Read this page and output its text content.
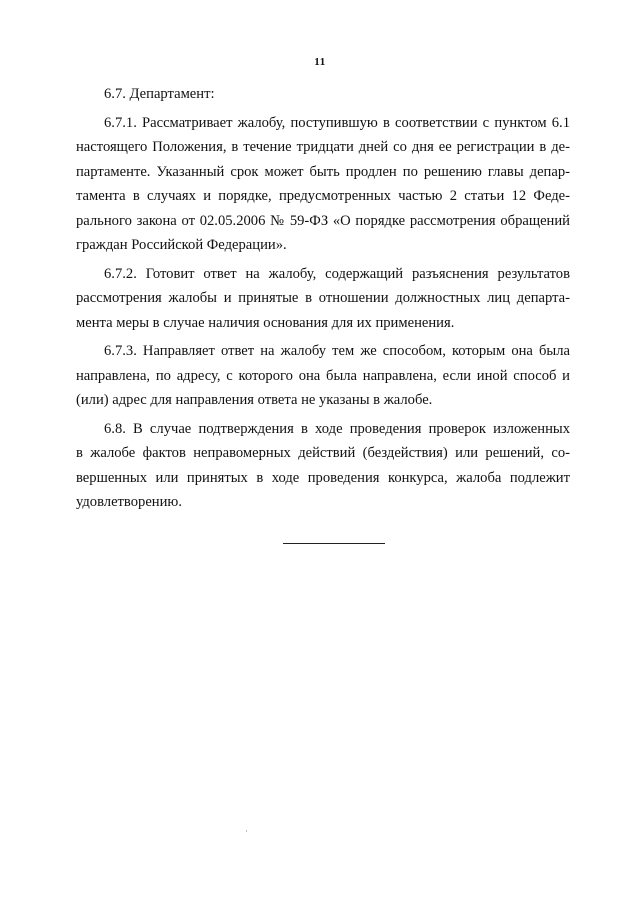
11

6.7. Департамент:

6.7.1. Рассматривает жалобу, поступившую в соответствии с пунктом 6.1
настоящего Положения, в течение тридцати дней со дня ее регистрации в де-
партаменте. Указанный срок может быть продлен по решению главы депар-
тамента в случаях и порядке, предусмотренных частью 2 статьи 12 Феде-
рального закона от 02.05.2006 № 59-ФЗ «О порядке рассмотрения обращений
граждан Российской Федерации».

6.7.2. Готовит ответ на жалобу, содержащий разъяснения результатов
рассмотрения жалобы и принятые в отношении должностных лиц департа-
мента меры в случае наличия основания для их применения.

6.7.3. Направляет ответ на жалобу тем же способом, которым она была
направлена, по адресу, с которого она была направлена, если иной способ и
(или) адрес для направления ответа не указаны в жалобе.

6.8. В случае подтверждения в ходе проведения проверок изложенных
в жалобе фактов неправомерных действий (бездействия) или решений, со-
вершенных или принятых в ходе проведения конкурса, жалоба подлежит
удовлетворению.
